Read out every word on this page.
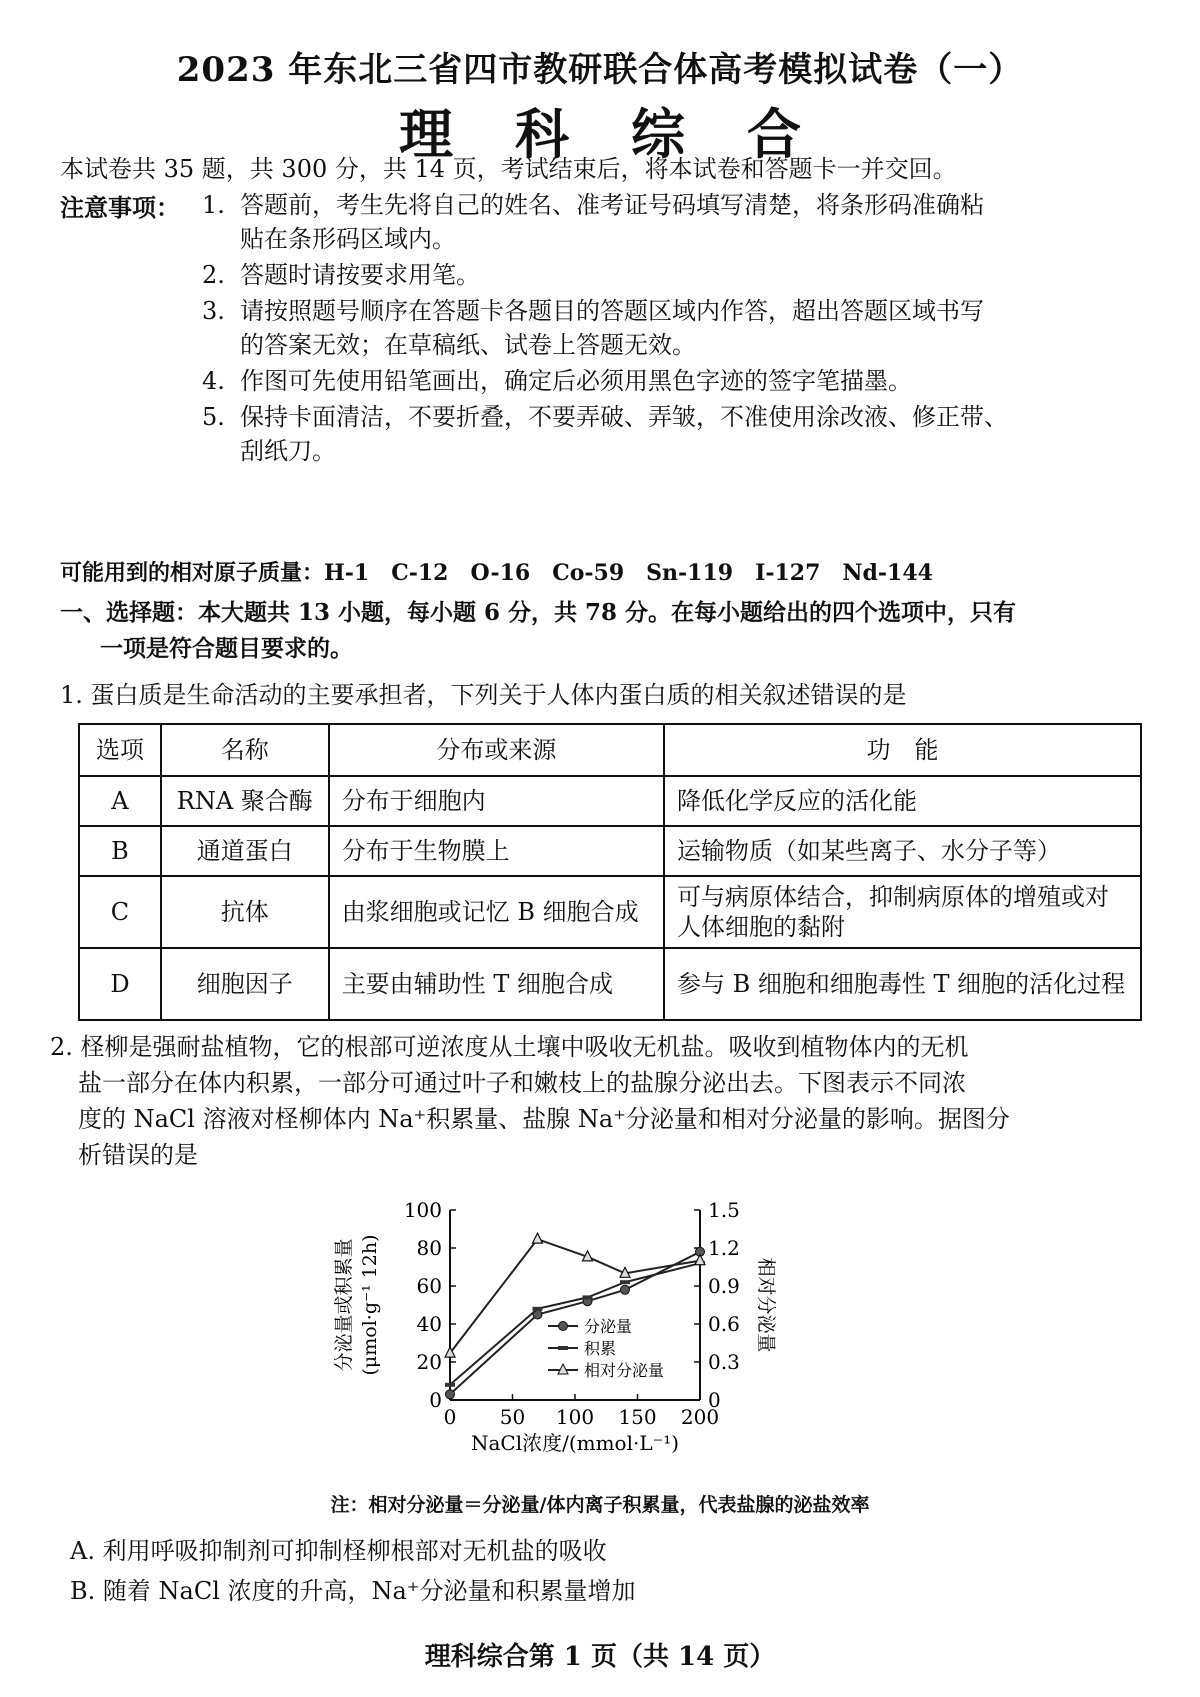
2023 年东北三省四市教研联合体高考模拟试卷（一）
理科综合
本试卷共 35 题，共 300 分，共 14 页，考试结束后，将本试卷和答题卡一并交回。
注意事项： 1. 答题前，考生先将自己的姓名、准考证号码填写清楚，将条形码准确粘
贴在条形码区域内。
2. 答题时请按要求用笔。
3. 请按照题号顺序在答题卡各题目的答题区域内作答，超出答题区域书写
的答案无效；在草稿纸、试卷上答题无效。
4. 作图可先使用铅笔画出，确定后必须用黑色字迹的签字笔描墨。
5. 保持卡面清洁，不要折叠，不要弄破、弄皱，不准使用涂改液、修正带、
刮纸刀。
可能用到的相对原子质量：H-1　C-12　O-16　Co-59　Sn-119　I-127　Nd-144
一、选择题：本大题共 13 小题，每小题 6 分，共 78 分。在每小题给出的四个选项中，只有
一项是符合题目要求的。
1. 蛋白质是生命活动的主要承担者，下列关于人体内蛋白质的相关叙述错误的是
选项	名称	分布或来源	功　能
A	RNA 聚合酶	分布于细胞内	降低化学反应的活化能
B	通道蛋白	分布于生物膜上	运输物质（如某些离子、水分子等）
C	抗体	由浆细胞或记忆 B 细胞合成	可与病原体结合，抑制病原体的增殖或对人体细胞的黏附
D	细胞因子	主要由辅助性 T 细胞合成	参与 B 细胞和细胞毒性 T 细胞的活化过程
2. 柽柳是强耐盐植物，它的根部可逆浓度从土壤中吸收无机盐。吸收到植物体内的无机
盐一部分在体内积累，一部分可通过叶子和嫩枝上的盐腺分泌出去。下图表示不同浓
度的 NaCl 溶液对柽柳体内 Na⁺积累量、盐腺 Na⁺分泌量和相对分泌量的影响。据图分
析错误的是
0
20
40
60
80
100
0
0.3
0.6
0.9
1.2
1.5
0 50 100 150 200
NaCl浓度/(mmol·L⁻¹)
分泌量或积累量 (μmol·g⁻¹ 12h)	相对分泌量
分泌量
积累
相对分泌量
注：相对分泌量＝分泌量/体内离子积累量，代表盐腺的泌盐效率
A. 利用呼吸抑制剂可抑制柽柳根部对无机盐的吸收
B. 随着 NaCl 浓度的升高，Na⁺分泌量和积累量增加
理科综合第 1 页（共 14 页）
